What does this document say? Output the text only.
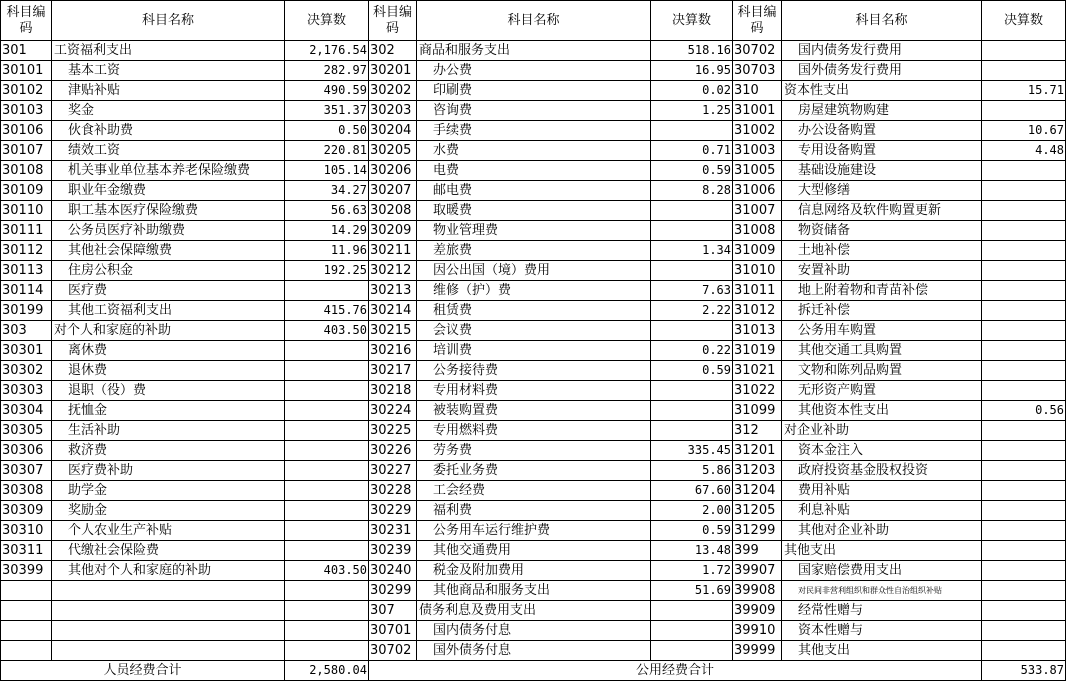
科目编码	科目名称	决算数	科目编码	科目名称	决算数	科目编码	科目名称	决算数
301	工资福利支出	2,176.54	302	商品和服务支出	518.16	30702	国内债务发行费用	
30101	基本工资	282.97	30201	办公费	16.95	30703	国外债务发行费用	
30102	津贴补贴	490.59	30202	印刷费	0.02	310	资本性支出	15.71
30103	奖金	351.37	30203	咨询费	1.25	31001	房屋建筑物购建	
30106	伙食补助费	0.50	30204	手续费		31002	办公设备购置	10.67
30107	绩效工资	220.81	30205	水费	0.71	31003	专用设备购置	4.48
30108	机关事业单位基本养老保险缴费	105.14	30206	电费	0.59	31005	基础设施建设	
30109	职业年金缴费	34.27	30207	邮电费	8.28	31006	大型修缮	
30110	职工基本医疗保险缴费	56.63	30208	取暖费		31007	信息网络及软件购置更新	
30111	公务员医疗补助缴费	14.29	30209	物业管理费		31008	物资储备	
30112	其他社会保障缴费	11.96	30211	差旅费	1.34	31009	土地补偿	
30113	住房公积金	192.25	30212	因公出国（境）费用		31010	安置补助	
30114	医疗费		30213	维修（护）费	7.63	31011	地上附着物和青苗补偿	
30199	其他工资福利支出	415.76	30214	租赁费	2.22	31012	拆迁补偿	
303	对个人和家庭的补助	403.50	30215	会议费		31013	公务用车购置	
30301	离休费		30216	培训费	0.22	31019	其他交通工具购置	
30302	退休费		30217	公务接待费	0.59	31021	文物和陈列品购置	
30303	退职（役）费		30218	专用材料费		31022	无形资产购置	
30304	抚恤金		30224	被装购置费		31099	其他资本性支出	0.56
30305	生活补助		30225	专用燃料费		312	对企业补助	
30306	救济费		30226	劳务费	335.45	31201	资本金注入	
30307	医疗费补助		30227	委托业务费	5.86	31203	政府投资基金股权投资	
30308	助学金		30228	工会经费	67.60	31204	费用补贴	
30309	奖励金		30229	福利费	2.00	31205	利息补贴	
30310	个人农业生产补贴		30231	公务用车运行维护费	0.59	31299	其他对企业补助	
30311	代缴社会保险费		30239	其他交通费用	13.48	399	其他支出	
30399	其他对个人和家庭的补助	403.50	30240	税金及附加费用	1.72	39907	国家赔偿费用支出	
			30299	其他商品和服务支出	51.69	39908	对民间非营利组织和群众性自治组织补贴	
			307	债务利息及费用支出		39909	经常性赠与	
			30701	国内债务付息		39910	资本性赠与	
			30702	国外债务付息		39999	其他支出	
人员经费合计		2,580.04	公用经费合计					533.87
